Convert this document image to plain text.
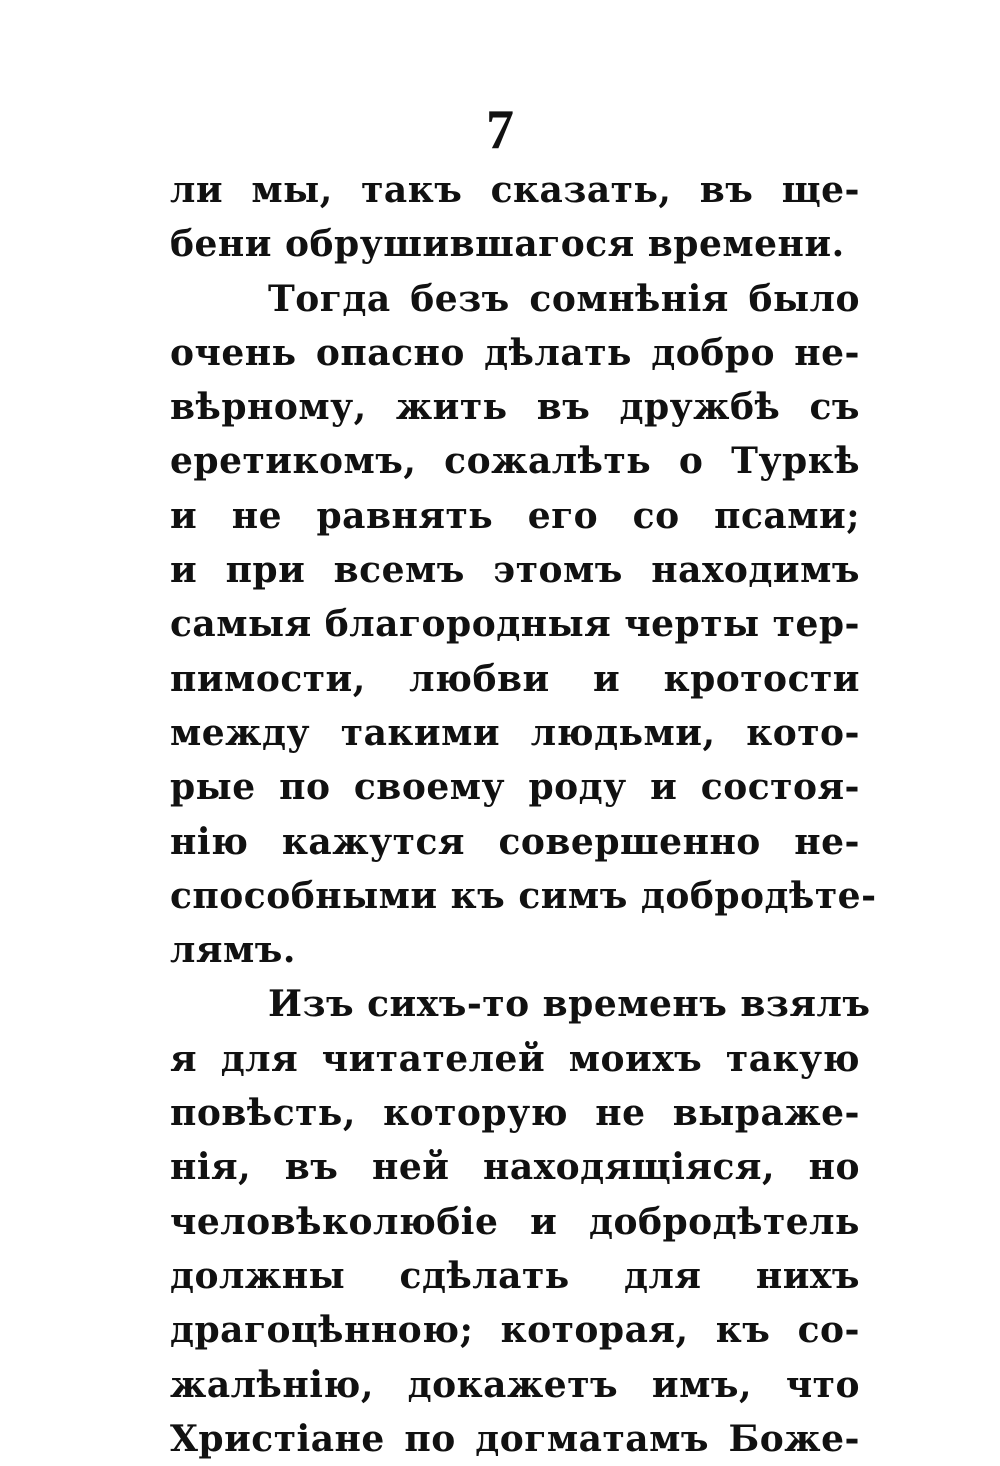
7
ли мы, такъ сказать, въ ще-
бени обрушившагося времени.
Тогда безъ сомнѣнія было
очень опасно дѣлать добро не-
вѣрному, жить въ дружбѣ съ
еретикомъ, сожалѣть о Туркѣ
и не равнять его со псами;
и при всемъ этомъ находимъ
самыя благородныя черты тер-
пимости, любви и кротости
между такими людьми, кото-
рые по своему роду и состоя-
нію кажутся совершенно не-
способными къ симъ добродѣте-
лямъ.
Изъ сихъ-то временъ взялъ
я для читателей моихъ такую
повѣсть, которую не выраже-
нія, въ ней находящіяся, но
человѣколюбіе и добродѣтель
должны сдѣлать для нихъ
драгоцѣнною; которая, къ со-
жалѣнію, докажетъ имъ, что
Христіане по догматамъ Боже-
